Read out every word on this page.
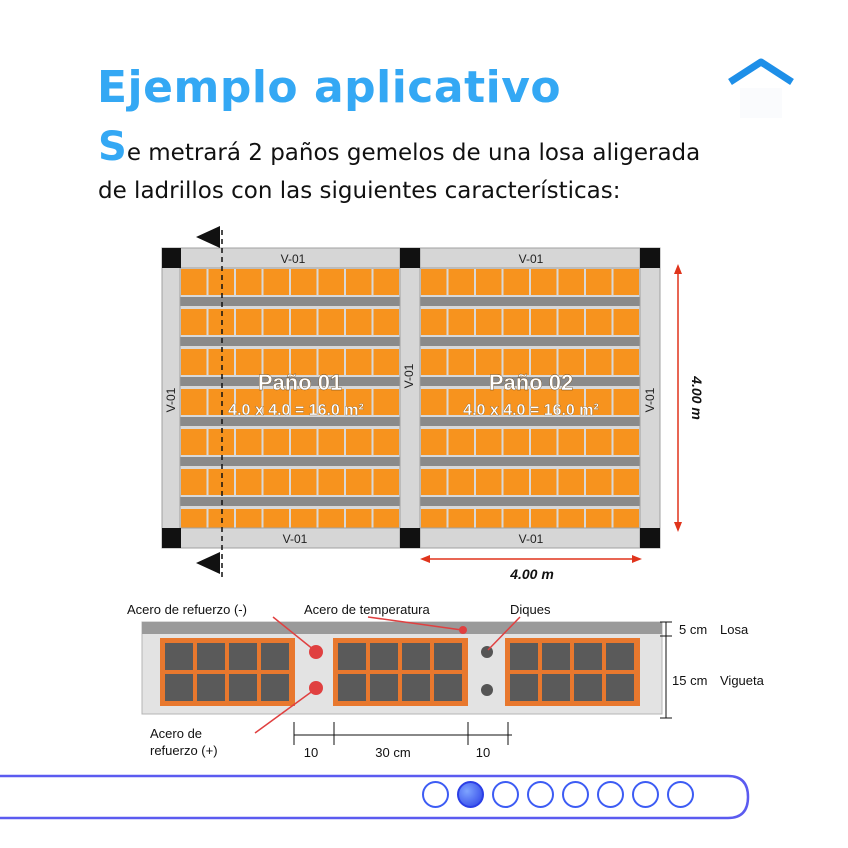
Ejemplo aplicativo
Se metrará 2 paños gemelos de una losa aligerada
de ladrillos con las siguientes características:
V-01	V-01
V-01	V-01
V-01
V-01
V-01
Paño 01
4.0 x 4.0 = 16.0 m²
Paño 02
4.0 x 4.0 = 16.0 m²	4.00 m
4.00 m
Acero de refuerzo (-)	Acero de temperatura	Diques
Acero de
refuerzo (+)
5 cm Losa
15 cm Vigueta
10	30 cm	10
